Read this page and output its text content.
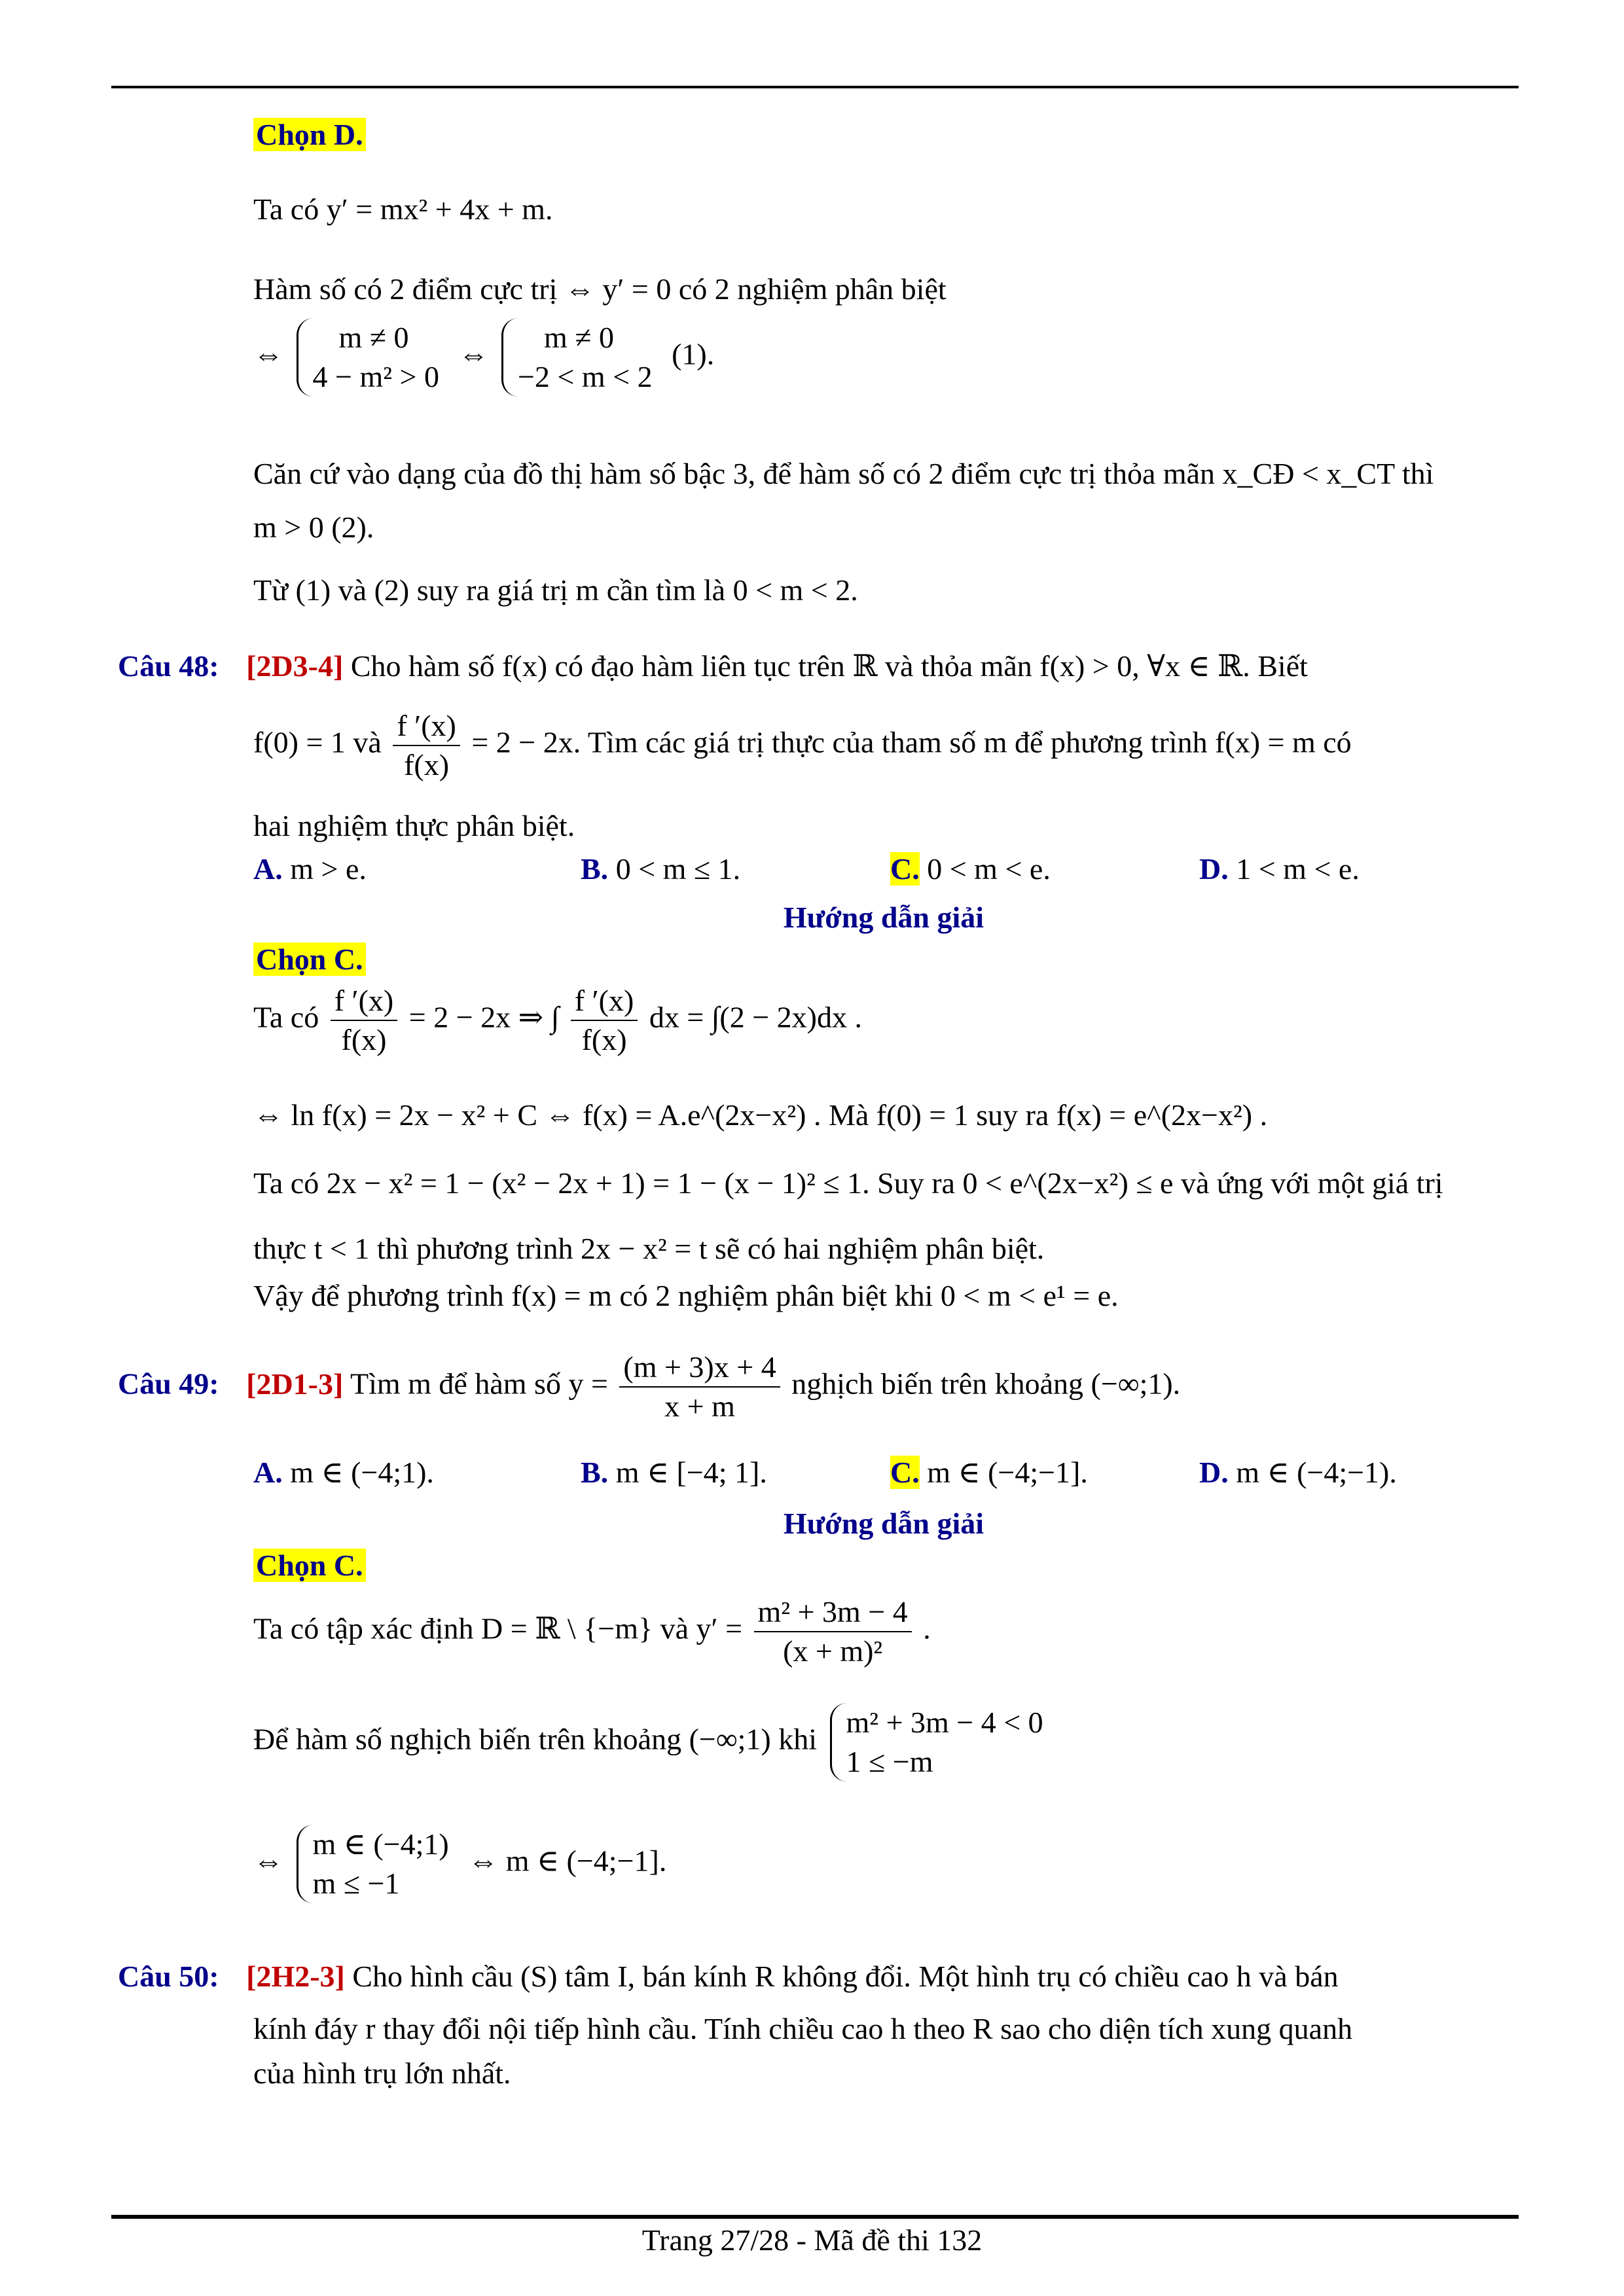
Chọn D.
Ta có y′ = mx² + 4x + m.
Hàm số có 2 điểm cực trị ⇔ y′ = 0 có 2 nghiệm phân biệt
⇔
m ≠ 0
4 − m² > 0
⇔
m ≠ 0
−2 < m < 2
(1).
Căn cứ vào dạng của đồ thị hàm số bậc 3, để hàm số có 2 điểm cực trị thỏa mãn x_CĐ < x_CT thì
m > 0 (2).
Từ (1) và (2) suy ra giá trị m cần tìm là 0 < m < 2.
Câu 48: [2D3-4] Cho hàm số f(x) có đạo hàm liên tục trên ℝ và thỏa mãn f(x) > 0, ∀x ∈ ℝ. Biết
f(0) = 1 và $\frac{f '(x)}{f(x)} = 2 - 2x$. Tìm các giá trị thực của tham số m để phương trình f(x) = m có
hai nghiệm thực phân biệt.
A. m > e.	B. 0 < m ≤ 1.	C. 0 < m < e.	D. 1 < m < e.
Hướng dẫn giải
Chọn C.
Ta có $\frac{f '(x)}{f(x)} = 2 - 2x$ ⇒ ∫ $\frac{f '(x)}{f(x)}$ dx = ∫(2 − 2x)dx .
⇔ ln f(x) = 2x − x² + C ⇔ f(x) = A.e^(2x−x²) . Mà f(0) = 1 suy ra f(x) = e^(2x−x²) .
Ta có 2x − x² = 1 − (x² − 2x + 1) = 1 − (x − 1)² ≤ 1. Suy ra 0 < e^(2x−x²) ≤ e và ứng với một giá trị
thực t < 1 thì phương trình 2x − x² = t sẽ có hai nghiệm phân biệt.
Vậy để phương trình f(x) = m có 2 nghiệm phân biệt khi 0 < m < e¹ = e.
Câu 49: [2D1-3] Tìm m để hàm số $y = \frac{(m + 3)x + 4}{x + m}$ nghịch biến trên khoảng (−∞;1).
A. m ∈ (−4;1).	B. m ∈ [−4; 1].	C. m ∈ (−4;−1].	D. m ∈ (−4;−1).
Hướng dẫn giải
Chọn C.
Ta có tập xác định D = ℝ \ {−m} và $y' = \frac{\text{m² + 3m − 4}}{\text{(x + m)²}}$ .
Để hàm số nghịch biến trên khoảng (−∞;1) khi
m² + 3m − 4 < 0
1 ≤ −m
⇔
m ∈ (−4;1)
m ≤ −1
⇔ m ∈ (−4;−1].
Câu 50: [2H2-3] Cho hình cầu (S) tâm I, bán kính R không đổi. Một hình trụ có chiều cao h và bán
kính đáy r thay đổi nội tiếp hình cầu. Tính chiều cao h theo R sao cho diện tích xung quanh
của hình trụ lớn nhất.
Trang 27/28 - Mã đề thi 132
